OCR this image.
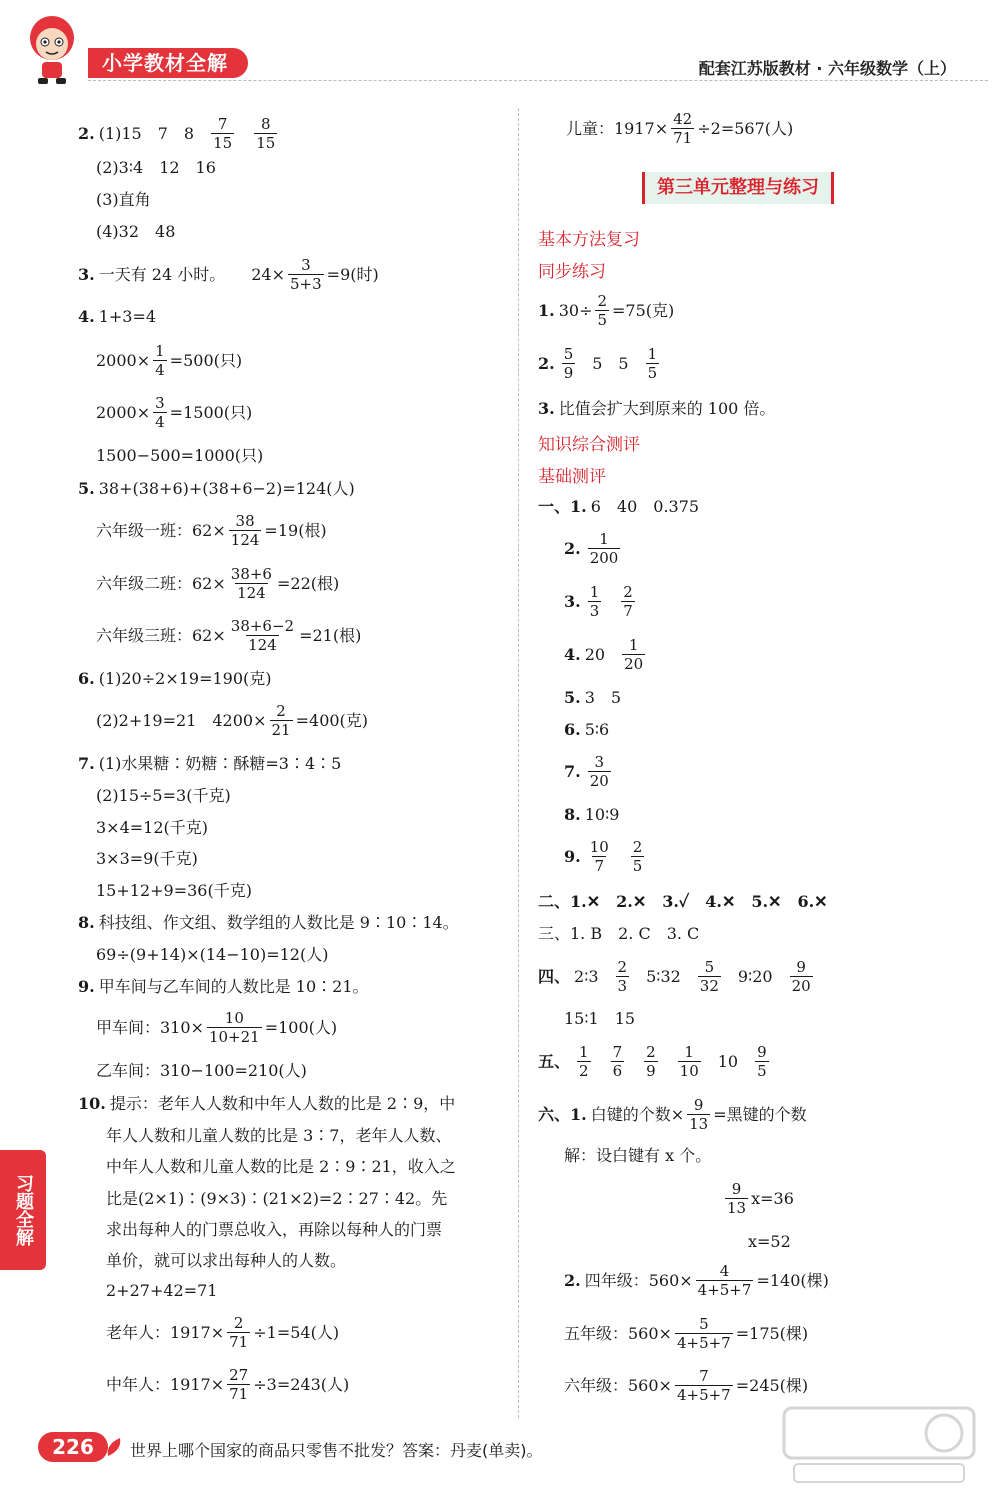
小学教材全解	配套江苏版教材 · 六年级数学（上）
2. (1)15　7　$8 \frac{7}{15} \frac{8}{15}$
(2)3∶4　12　16
(3)直角
(4)32　48
3. 一天有 24 小时。 $24\times \frac{3}{5+3} =9$(时)
4. 1+3=4
$2000\times \frac{1}{4} =500$(只)
$2000\times \frac{3}{4} =1500$(只)
1500−500=1000(只)
5. 38+(38+6)+(38+6−2)=124(人)
六年级一班：$62\times \frac{38}{124} =19$(根)
六年级二班：$62\times \frac{38+6}{124} =22$(根)
六年级三班：$62\times \frac{38+6-2}{124} =21$(根)
6. (1)20÷2×19=190(克)
(2)2+19=21　$4200\times \frac{2}{21} =400$(克)
7. (1)水果糖∶奶糖∶酥糖=3∶4∶5
(2)15÷5=3(千克)
3×4=12(千克)
3×3=9(千克)
15+12+9=36(千克)
8. 科技组、作文组、数学组的人数比是 9∶10∶14。
69÷(9+14)×(14−10)=12(人)
9. 甲车间与乙车间的人数比是 10∶21。
甲车间：$310\times \frac{10}{10+21} =100$(人)
乙车间：310−100=210(人)
10. 提示：老年人人数和中年人人数的比是 2∶9，中
年人人数和儿童人数的比是 3∶7，老年人人数、
中年人人数和儿童人数的比是 2∶9∶21，收入之
比是(2×1)∶(9×3)∶(21×2)=2∶27∶42。先
求出每种人的门票总收入，再除以每种人的门票
单价，就可以求出每种人的人数。
2+27+42=71
老年人：$1917\times \frac{2}{71} \div 1=54$(人)
中年人：$1917\times \frac{27}{71} \div 3=243$(人)
儿童：$1917\times \frac{42}{71} \div 2=567$(人)
第三单元整理与练习
基本方法复习
同步练习
1. $30\div \frac{2}{5} =75$(克)
2. $\frac{5}{9} 5$　$5 \frac{1}{5}$
3. 比值会扩大到原来的 100 倍。
知识综合测评
基础测评
一、1. 6　40　0.375
2. $\frac{1}{200}$
3. $\frac{1}{3} \frac{2}{7}$
4. $20 \frac{1}{20}$
5. 3　5
6. 5∶6
7. $\frac{3}{20}$
8. 10∶9
9. $\frac{10}{7} \frac{2}{5}$
二、1.✕　2.✕　3.✓　4.✕　5.✕　6.✕
三、1. B　2. C　3. C
四、 2∶3 $\frac{2}{3}$ 5∶32 $\frac{5}{32}$ 9∶20 $\frac{9}{20}$
15∶1　15
五、 $\frac{1}{2} \frac{7}{6} \frac{2}{9} \frac{1}{10} 10 \frac{9}{5}$
六、1. 白键的个数× $\frac{9}{13}$ =黑键的个数
解：设白键有 x 个。
$\frac{9}{13} x=36$
x=52
2. 四年级：$560\times \frac{4}{4+5+7} =140$(棵)
五年级：$560\times \frac{5}{4+5+7} =175$(棵)
六年级：$560\times \frac{7}{4+5+7} =245$(棵)
习题全解
226	世界上哪个国家的商品只零售不批发？答案：丹麦(单卖)。
